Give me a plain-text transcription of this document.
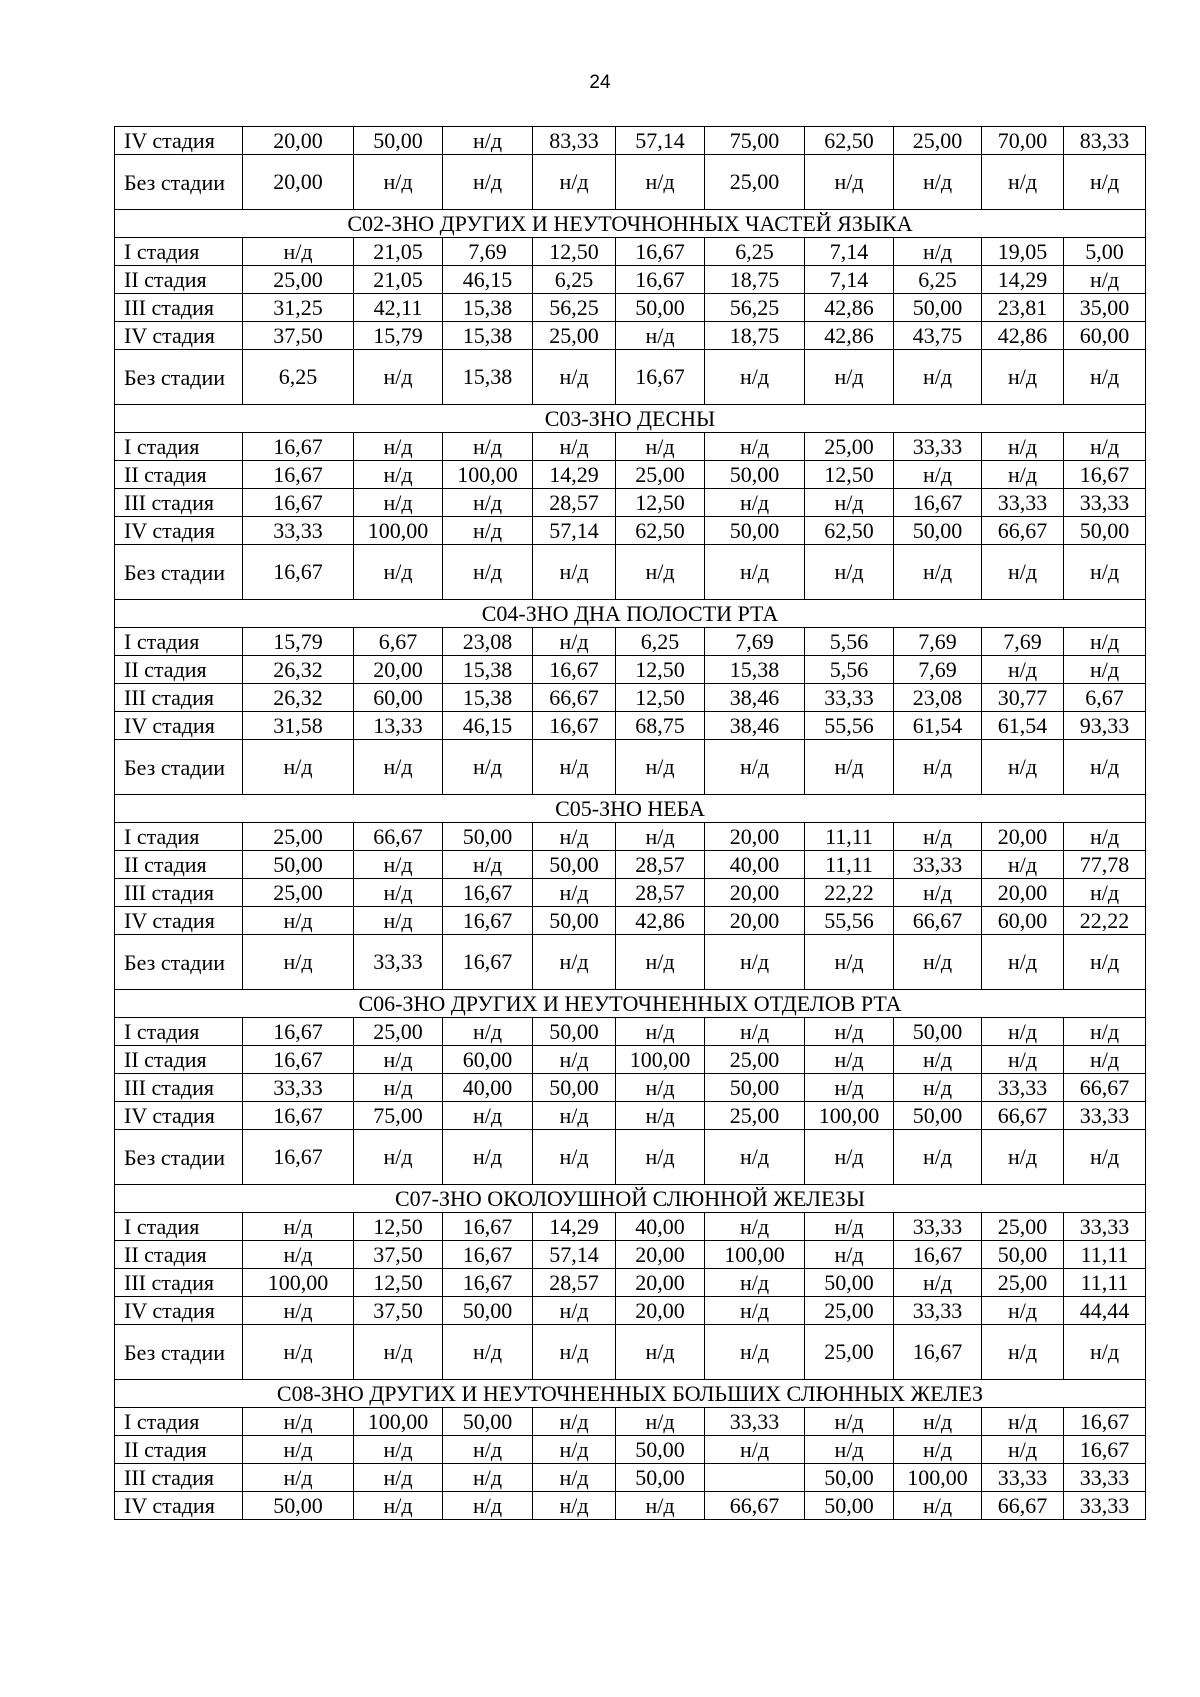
24
IV стадия	20,00	50,00	н/д	83,33	57,14	75,00	62,50	25,00	70,00	83,33
Без стадии	20,00	н/д	н/д	н/д	н/д	25,00	н/д	н/д	н/д	н/д
C02-ЗНО ДРУГИХ И НЕУТОЧНОННЫХ ЧАСТЕЙ ЯЗЫКА										
I стадия	н/д	21,05	7,69	12,50	16,67	6,25	7,14	н/д	19,05	5,00
II стадия	25,00	21,05	46,15	6,25	16,67	18,75	7,14	6,25	14,29	н/д
III стадия	31,25	42,11	15,38	56,25	50,00	56,25	42,86	50,00	23,81	35,00
IV стадия	37,50	15,79	15,38	25,00	н/д	18,75	42,86	43,75	42,86	60,00
Без стадии	6,25	н/д	15,38	н/д	16,67	н/д	н/д	н/д	н/д	н/д
C03-ЗНО ДЕСНЫ										
I стадия	16,67	н/д	н/д	н/д	н/д	н/д	25,00	33,33	н/д	н/д
II стадия	16,67	н/д	100,00	14,29	25,00	50,00	12,50	н/д	н/д	16,67
III стадия	16,67	н/д	н/д	28,57	12,50	н/д	н/д	16,67	33,33	33,33
IV стадия	33,33	100,00	н/д	57,14	62,50	50,00	62,50	50,00	66,67	50,00
Без стадии	16,67	н/д	н/д	н/д	н/д	н/д	н/д	н/д	н/д	н/д
C04-ЗНО ДНА ПОЛОСТИ РТА										
I стадия	15,79	6,67	23,08	н/д	6,25	7,69	5,56	7,69	7,69	н/д
II стадия	26,32	20,00	15,38	16,67	12,50	15,38	5,56	7,69	н/д	н/д
III стадия	26,32	60,00	15,38	66,67	12,50	38,46	33,33	23,08	30,77	6,67
IV стадия	31,58	13,33	46,15	16,67	68,75	38,46	55,56	61,54	61,54	93,33
Без стадии	н/д	н/д	н/д	н/д	н/д	н/д	н/д	н/д	н/д	н/д
C05-ЗНО НЕБА										
I стадия	25,00	66,67	50,00	н/д	н/д	20,00	11,11	н/д	20,00	н/д
II стадия	50,00	н/д	н/д	50,00	28,57	40,00	11,11	33,33	н/д	77,78
III стадия	25,00	н/д	16,67	н/д	28,57	20,00	22,22	н/д	20,00	н/д
IV стадия	н/д	н/д	16,67	50,00	42,86	20,00	55,56	66,67	60,00	22,22
Без стадии	н/д	33,33	16,67	н/д	н/д	н/д	н/д	н/д	н/д	н/д
C06-ЗНО ДРУГИХ И НЕУТОЧНЕННЫХ ОТДЕЛОВ РТА										
I стадия	16,67	25,00	н/д	50,00	н/д	н/д	н/д	50,00	н/д	н/д
II стадия	16,67	н/д	60,00	н/д	100,00	25,00	н/д	н/д	н/д	н/д
III стадия	33,33	н/д	40,00	50,00	н/д	50,00	н/д	н/д	33,33	66,67
IV стадия	16,67	75,00	н/д	н/д	н/д	25,00	100,00	50,00	66,67	33,33
Без стадии	16,67	н/д	н/д	н/д	н/д	н/д	н/д	н/д	н/д	н/д
C07-ЗНО ОКОЛОУШНОЙ СЛЮННОЙ ЖЕЛЕЗЫ										
I стадия	н/д	12,50	16,67	14,29	40,00	н/д	н/д	33,33	25,00	33,33
II стадия	н/д	37,50	16,67	57,14	20,00	100,00	н/д	16,67	50,00	11,11
III стадия	100,00	12,50	16,67	28,57	20,00	н/д	50,00	н/д	25,00	11,11
IV стадия	н/д	37,50	50,00	н/д	20,00	н/д	25,00	33,33	н/д	44,44
Без стадии	н/д	н/д	н/д	н/д	н/д	н/д	25,00	16,67	н/д	н/д
C08-ЗНО ДРУГИХ И НЕУТОЧНЕННЫХ БОЛЬШИХ СЛЮННЫХ ЖЕЛЕЗ										
I стадия	н/д	100,00	50,00	н/д	н/д	33,33	н/д	н/д	н/д	16,67
II стадия	н/д	н/д	н/д	н/д	50,00	н/д	н/д	н/д	н/д	16,67
III стадия	н/д	н/д	н/д	н/д	50,00		50,00	100,00	33,33	33,33
IV стадия	50,00	н/д	н/д	н/д	н/д	66,67	50,00	н/д	66,67	33,33
